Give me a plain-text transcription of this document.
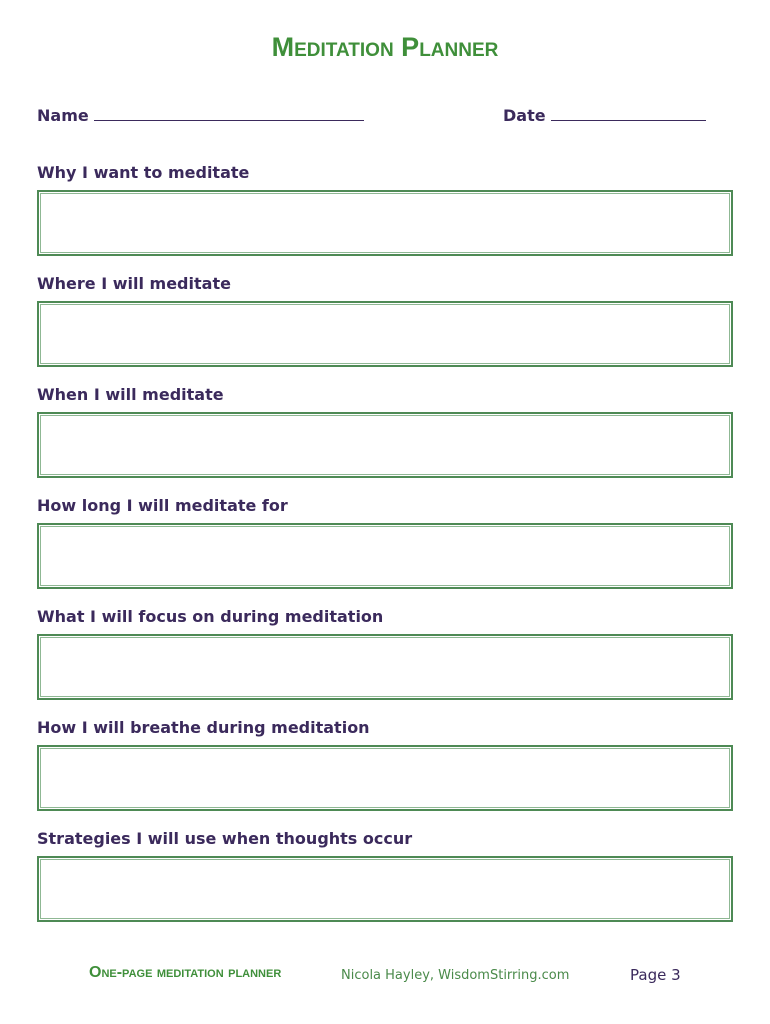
Meditation Planner
Name	Date
Why I want to meditate
Where I will meditate
When I will meditate
How long I will meditate for
What I will focus on during meditation
How I will breathe during meditation
Strategies I will use when thoughts occur
One-page meditation planner	Nicola Hayley, WisdomStirring.com	Page 3
